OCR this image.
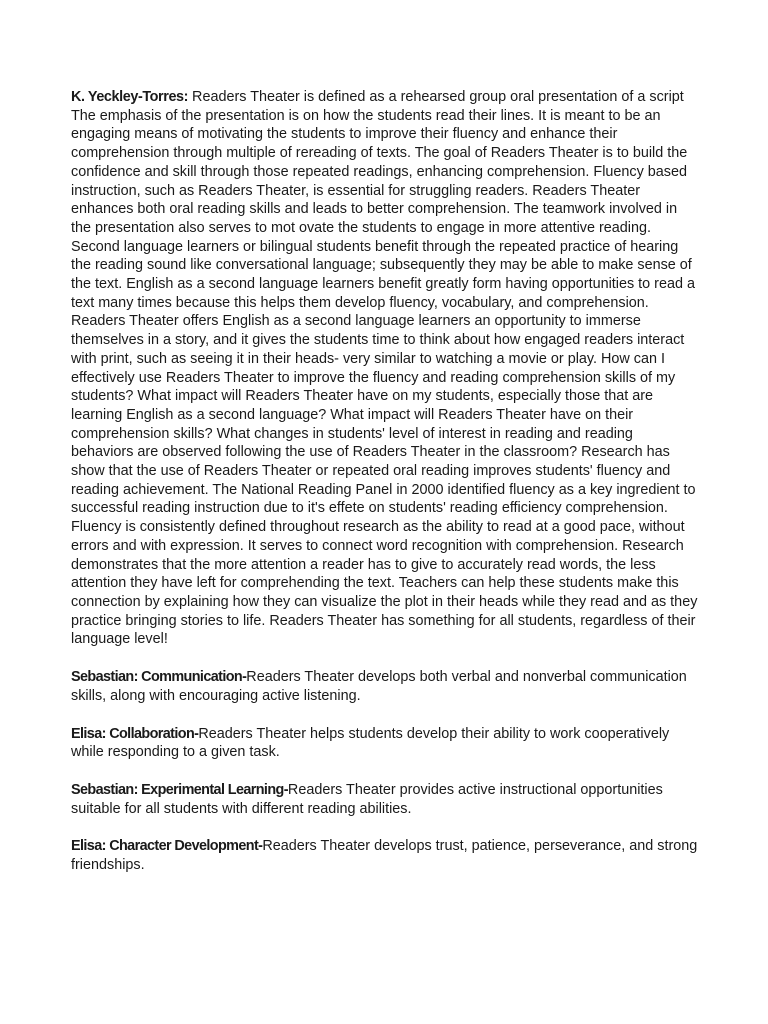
K. Yeckley-Torres: Readers Theater is defined as a rehearsed group oral presentation of a script The emphasis of the presentation is on how the students read their lines. It is meant to be an engaging means of motivating the students to improve their fluency and enhance their comprehension through multiple of rereading of texts. The goal of Readers Theater is to build the confidence and skill through those repeated readings, enhancing comprehension. Fluency based instruction, such as Readers Theater, is essential for struggling readers. Readers Theater enhances both oral reading skills and leads to better comprehension. The teamwork involved in the presentation also serves to mot ovate the students to engage in more attentive reading. Second language learners or bilingual students benefit through the repeated practice of hearing the reading sound like conversational language; subsequently they may be able to make sense of the text. English as a second language learners benefit greatly form having opportunities to read a text many times because this helps them develop fluency, vocabulary, and comprehension. Readers Theater offers English as a second language learners an opportunity to immerse themselves in a story, and it gives the students time to think about how engaged readers interact with print, such as seeing it in their heads- very similar to watching a movie or play. How can I effectively use Readers Theater to improve the fluency and reading comprehension skills of my students? What impact will Readers Theater have on my students, especially those that are learning English as a second language? What impact will Readers Theater have on their comprehension skills? What changes in students' level of interest in reading and reading behaviors are observed following the use of Readers Theater in the classroom? Research has show that the use of Readers Theater or repeated oral reading improves students' fluency and reading achievement. The National Reading Panel in 2000 identified fluency as a key ingredient to successful reading instruction due to it's effete on students' reading efficiency comprehension. Fluency is consistently defined throughout research as the ability to read at a good pace, without errors and with expression. It serves to connect word recognition with comprehension. Research demonstrates that the more attention a reader has to give to accurately read words, the less attention they have left for comprehending the text. Teachers can help these students make this connection by explaining how they can visualize the plot in their heads while they read and as they practice bringing stories to life. Readers Theater has something for all students, regardless of their language level!

Sebastian: Communication-Readers Theater develops both verbal and nonverbal communication skills, along with encouraging active listening.

Elisa: Collaboration-Readers Theater helps students develop their ability to work cooperatively while responding to a given task.

Sebastian: Experimental Learning-Readers Theater provides active instructional opportunities suitable for all students with different reading abilities.

Elisa: Character Development-Readers Theater develops trust, patience, perseverance, and strong friendships.
